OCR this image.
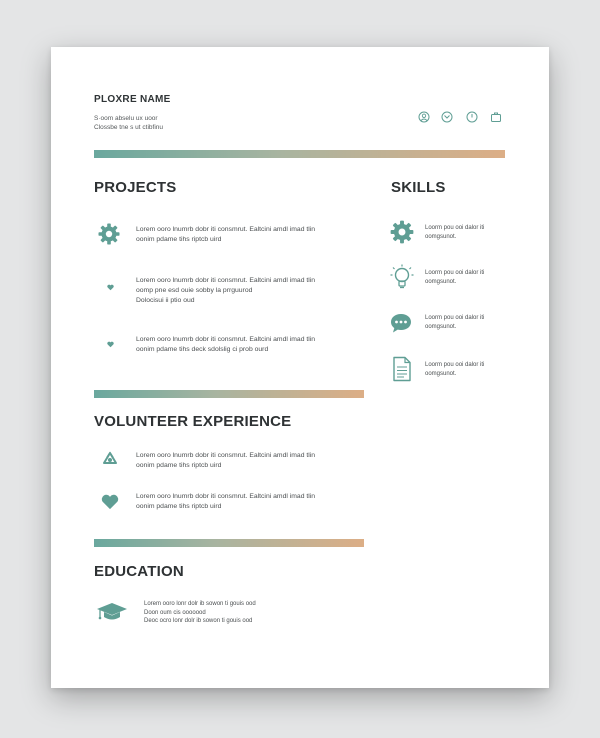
PLOXRE NAME
S·oom abselu ux uoor
Clossbe tne s ut ctibfinu
PROJECTS
Lorem ooro lnumrb dobr iti consmrut. Ealtcini amdl imad tlin
oonim pdame tihs riptcb uird
Lorem ooro lnumrb dobr iti consmrut. Ealtcini amdl imad tlin
oomp pne esd ouie sobby la prrguurod
Dolocisui ii ptio oud
Lorem ooro lnumrb dobr iti consmrut. Ealtcini amdl imad tlin
oonim pdame tihs deck sdolslig ci prob ourd
VOLUNTEER EXPERIENCE
Lorem ooro lnumrb dobr iti consmrut. Ealtcini amdl imad tlin
oonim pdame tihs riptcb uird
Lorem ooro lnumrb dobr iti consmrut. Ealtcini amdl imad tlin
oonim pdame tihs riptcb uird
EDUCATION
Lorem ooro lonr dolr ib sowon ti gouis ood
Doon oum cis ooooood
Deoc ocro lonr dolr ib sowon ti gouis ood
SKILLS
Loorm pou ooi dalor iti
oomgsunot.
Loorm pou ooi dalor iti
oomgsunot.
Loorm pou ooi dalor iti
oomgsunot.
Loorm pou ooi dalor iti
oomgsunot.
